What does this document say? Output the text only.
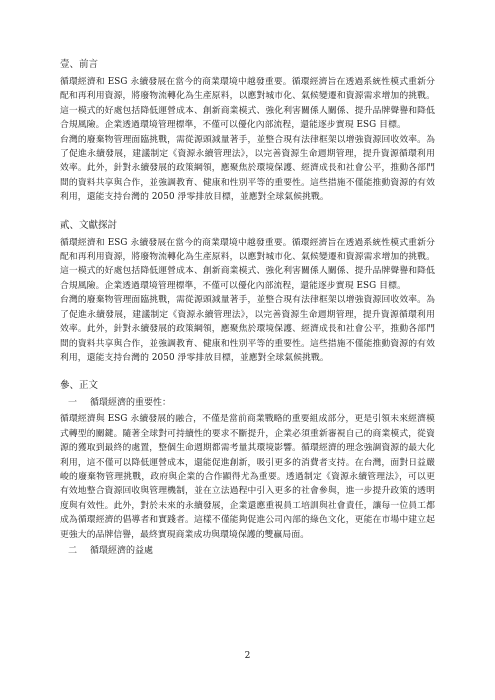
壹、前言

循環經濟和 ESG 永續發展在當今的商業環境中越發重要。循環經濟旨在透過系統性模式重新分配和再利用資源，將廢物流轉化為生產原料，以應對城市化、氣候變遷和資源需求增加的挑戰。這一模式的好處包括降低運營成本、創新商業模式、強化利害關係人關係、提升品牌聲譽和降低合規風險。企業透過環境管理標準，不僅可以優化內部流程，還能逐步實現 ESG 目標。

台灣的廢棄物管理面臨挑戰，需從源頭減量著手，並整合現有法律框架以增強資源回收效率。為了促進永續發展，建議制定《資源永續管理法》，以完善資源生命週期管理，提升資源循環利用效率。此外，針對永續發展的政策綱領，應聚焦於環境保護、經濟成長和社會公平，推動各部門間的資料共享與合作，並強調教育、健康和性別平等的重要性。這些措施不僅能推動資源的有效利用，還能支持台灣的 2050 淨零排放目標，並應對全球氣候挑戰。

貳、文獻探討

循環經濟和 ESG 永續發展在當今的商業環境中越發重要。循環經濟旨在透過系統性模式重新分配和再利用資源，將廢物流轉化為生產原料，以應對城市化、氣候變遷和資源需求增加的挑戰。這一模式的好處包括降低運營成本、創新商業模式、強化利害關係人關係、提升品牌聲譽和降低合規風險。企業透過環境管理標準，不僅可以優化內部流程，還能逐步實現 ESG 目標。

台灣的廢棄物管理面臨挑戰，需從源頭減量著手，並整合現有法律框架以增強資源回收效率。為了促進永續發展，建議制定《資源永續管理法》，以完善資源生命週期管理，提升資源循環利用效率。此外，針對永續發展的政策綱領，應聚焦於環境保護、經濟成長和社會公平，推動各部門間的資料共享與合作，並強調教育、健康和性別平等的重要性。這些措施不僅能推動資源的有效利用，還能支持台灣的 2050 淨零排放目標，並應對全球氣候挑戰。

參、正文
一 循環經濟的重要性：

循環經濟與 ESG 永續發展的融合，不僅是當前商業戰略的重要組成部分，更是引領未來經濟模式轉型的關鍵。隨著全球對可持續性的要求不斷提升，企業必須重新審視自己的商業模式，從資源的獲取到最終的處置，整個生命週期都需考量其環境影響。循環經濟的理念強調資源的最大化利用，這不僅可以降低運營成本，還能促進創新，吸引更多的消費者支持。在台灣，面對日益嚴峻的廢棄物管理挑戰，政府與企業的合作顯得尤為重要。透過制定《資源永續管理法》，可以更有效地整合資源回收與管理機制，並在立法過程中引入更多的社會參與，進一步提升政策的透明度與有效性。此外，對於未來的永續發展，企業還應重視員工培訓與社會責任，讓每一位員工都成為循環經濟的倡導者和實踐者。這樣不僅能夠促進公司內部的綠色文化，更能在市場中建立起更強大的品牌信譽，最終實現商業成功與環境保護的雙贏局面。

二 循環經濟的益處
2
